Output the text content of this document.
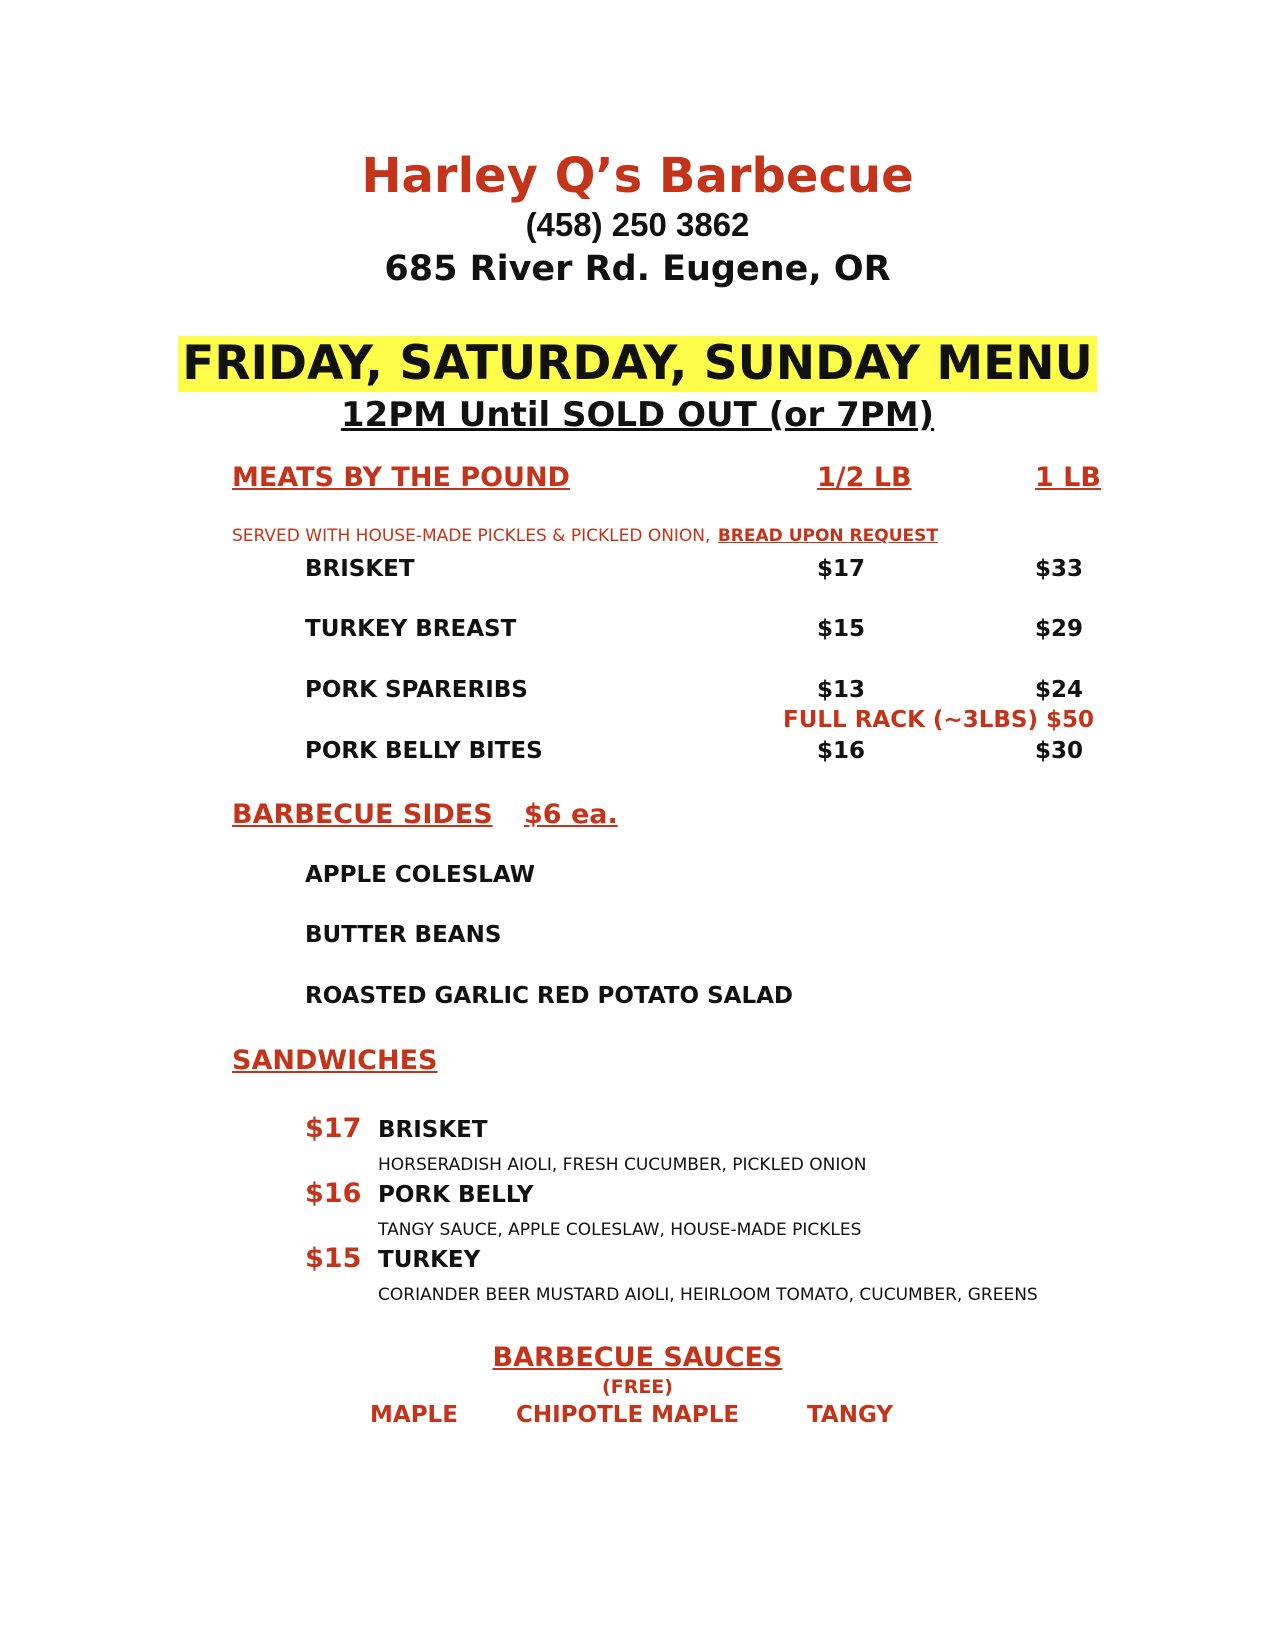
Harley Q’s Barbecue
(458) 250 3862
685 River Rd. Eugene, OR
FRIDAY, SATURDAY, SUNDAY MENU
12PM Until SOLD OUT (or 7PM)
MEATS BY THE POUND	1/2 LB	1 LB
SERVED WITH HOUSE-MADE PICKLES & PICKLED ONION, BREAD UPON REQUEST
BRISKET	$17	$33
TURKEY BREAST	$15	$29
PORK SPARERIBS	$13	$24
FULL RACK (~3LBS) $50
PORK BELLY BITES	$16	$30
BARBECUE SIDES $6 ea.
APPLE COLESLAW
BUTTER BEANS
ROASTED GARLIC RED POTATO SALAD
SANDWICHES
$17 BRISKET
HORSERADISH AIOLI, FRESH CUCUMBER, PICKLED ONION
$16 PORK BELLY
TANGY SAUCE, APPLE COLESLAW, HOUSE-MADE PICKLES
$15 TURKEY
CORIANDER BEER MUSTARD AIOLI, HEIRLOOM TOMATO, CUCUMBER, GREENS
BARBECUE SAUCES
(FREE)
MAPLE	CHIPOTLE MAPLE	TANGY
